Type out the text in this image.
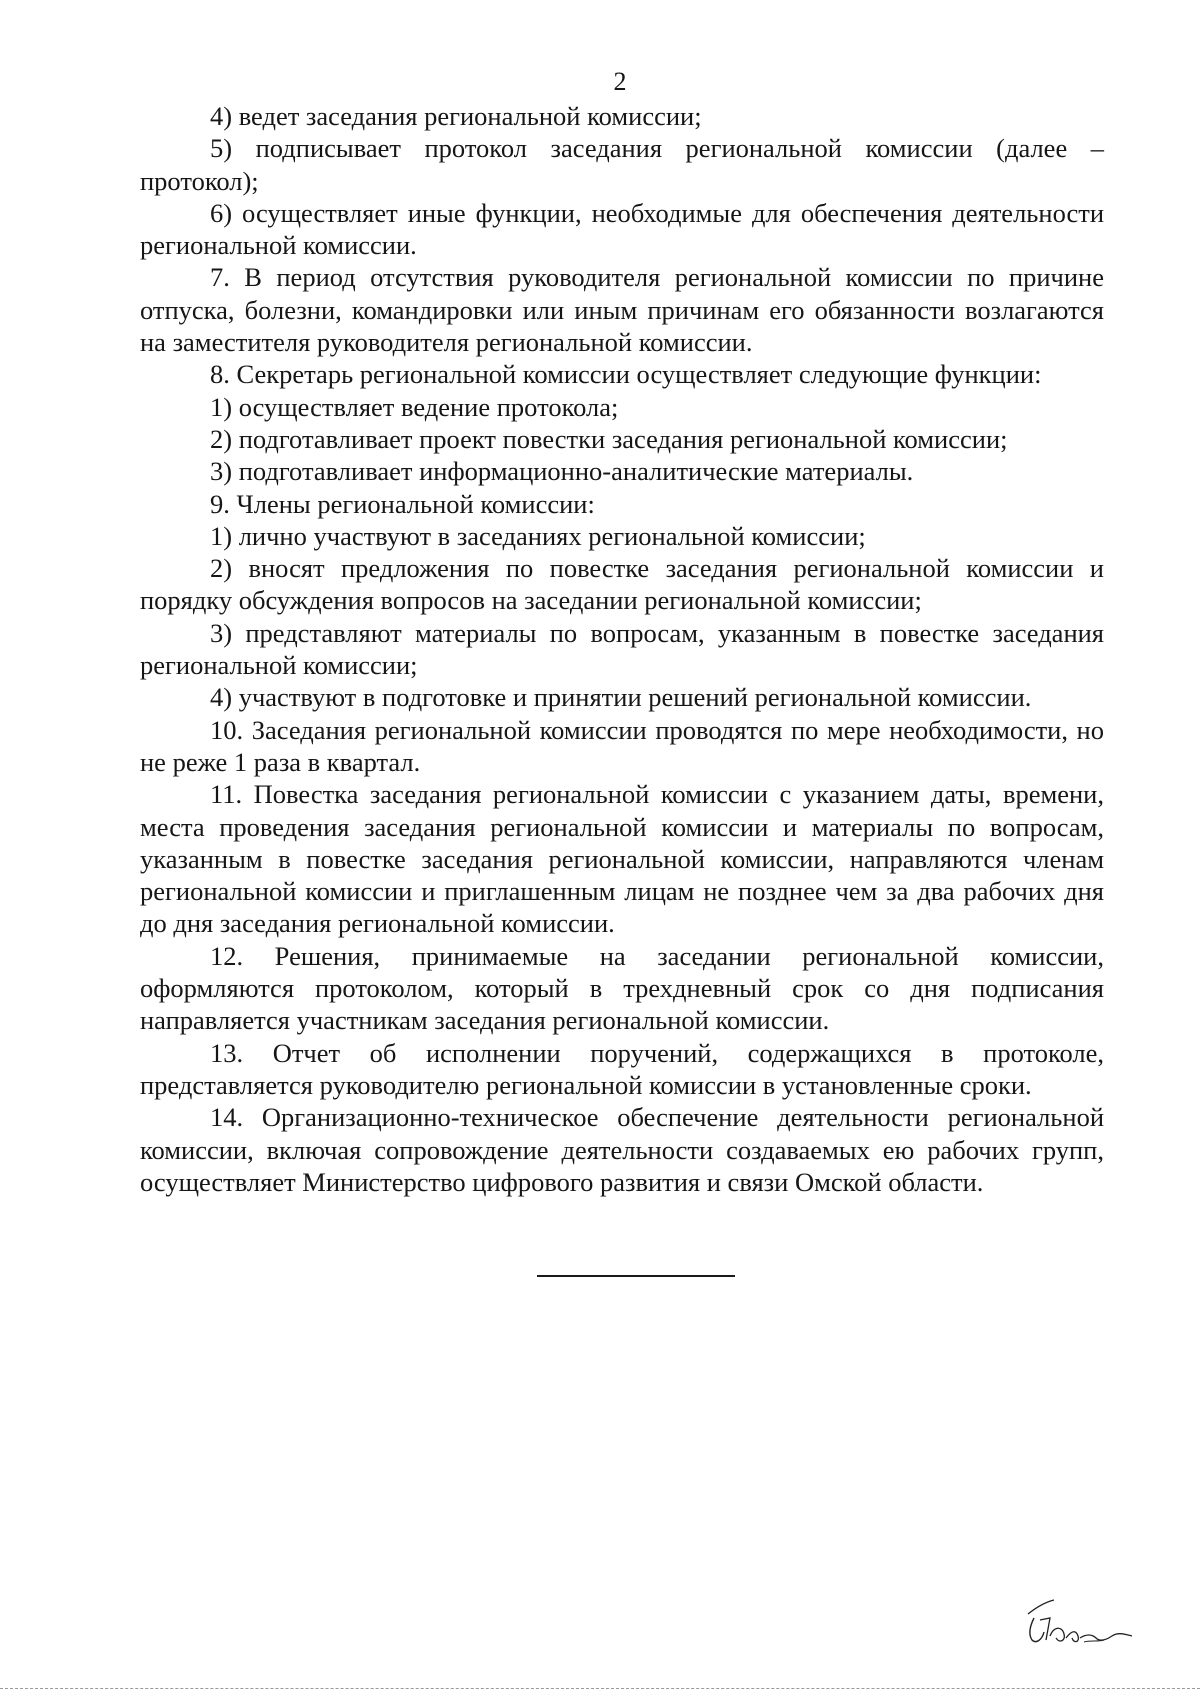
2

4) ведет заседания региональной комиссии;

5) подписывает протокол заседания региональной комиссии (далее – протокол);

6) осуществляет иные функции, необходимые для обеспечения деятельности региональной комиссии.

7. В период отсутствия руководителя региональной комиссии по причине отпуска, болезни, командировки или иным причинам его обязанности возлагаются на заместителя руководителя региональной комиссии.

8. Секретарь региональной комиссии осуществляет следующие функции:

1) осуществляет ведение протокола;

2) подготавливает проект повестки заседания региональной комиссии;

3) подготавливает информационно-аналитические материалы.

9. Члены региональной комиссии:

1) лично участвуют в заседаниях региональной комиссии;

2) вносят предложения по повестке заседания региональной комиссии и порядку обсуждения вопросов на заседании региональной комиссии;

3) представляют материалы по вопросам, указанным в повестке заседания региональной комиссии;

4) участвуют в подготовке и принятии решений региональной комиссии.

10. Заседания региональной комиссии проводятся по мере необходимости, но не реже 1 раза в квартал.

11. Повестка заседания региональной комиссии с указанием даты, времени, места проведения заседания региональной комиссии и материалы по вопросам, указанным в повестке заседания региональной комиссии, направляются членам региональной комиссии и приглашенным лицам не позднее чем за два рабочих дня до дня заседания региональной комиссии.

12. Решения, принимаемые на заседании региональной комиссии, оформляются протоколом, который в трехдневный срок со дня подписания направляется участникам заседания региональной комиссии.

13. Отчет об исполнении поручений, содержащихся в протоколе, представляется руководителю региональной комиссии в установленные сроки.

14. Организационно-техническое обеспечение деятельности региональной комиссии, включая сопровождение деятельности создаваемых ею рабочих групп, осуществляет Министерство цифрового развития и связи Омской области.
